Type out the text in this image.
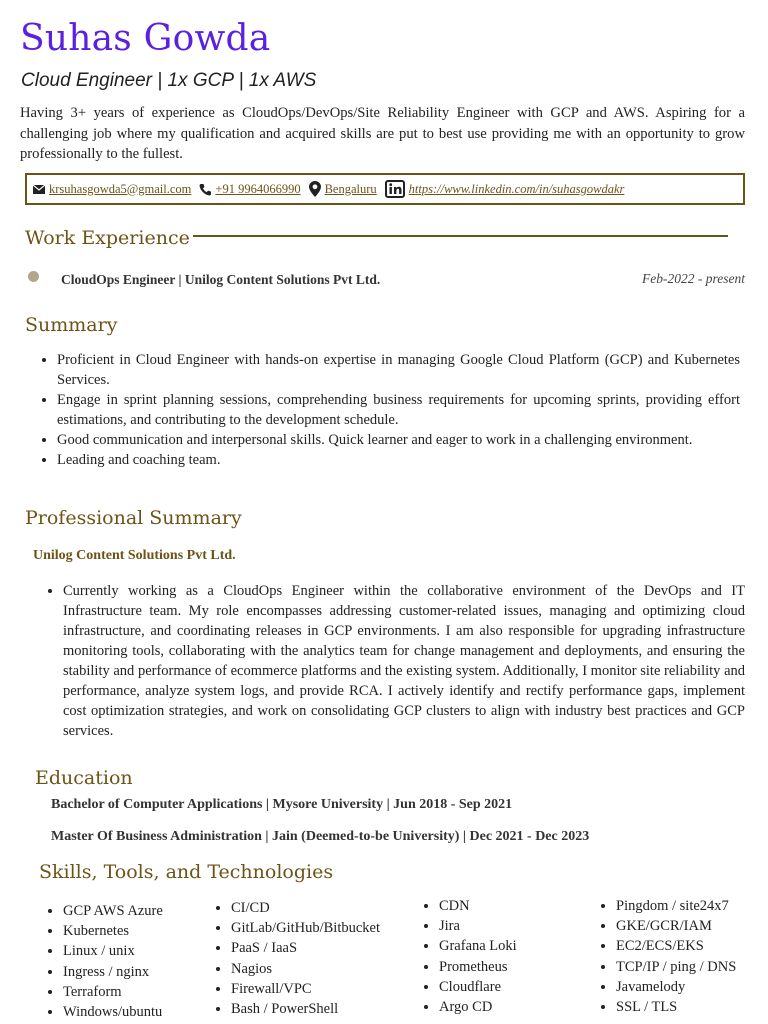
Suhas Gowda
Cloud Engineer | 1x GCP | 1x AWS
Having 3+ years of experience as CloudOps/DevOps/Site Reliability Engineer with GCP and AWS. Aspiring for a challenging job where my qualification and acquired skills are put to best use providing me with an opportunity to grow professionally to the fullest.
krsuhasgowda5@gmail.com +91 9964066990 Bengaluru	https://www.linkedin.com/in/suhasgowdakr
Work Experience
CloudOps Engineer | Unilog Content Solutions Pvt Ltd.	Feb-2022 - present
Summary
• Proficient in Cloud Engineer with hands-on expertise in managing Google Cloud Platform (GCP) and Kubernetes Services.
• Engage in sprint planning sessions, comprehending business requirements for upcoming sprints, providing effort estimations, and contributing to the development schedule.
• Good communication and interpersonal skills. Quick learner and eager to work in a challenging environment.
• Leading and coaching team.
Professional Summary
Unilog Content Solutions Pvt Ltd.
• Currently working as a CloudOps Engineer within the collaborative environment of the DevOps and IT Infrastructure team. My role encompasses addressing customer-related issues, managing and optimizing cloud infrastructure, and coordinating releases in GCP environments. I am also responsible for upgrading infrastructure monitoring tools, collaborating with the analytics team for change management and deployments, and ensuring the stability and performance of ecommerce platforms and the existing system. Additionally, I monitor site reliability and performance, analyze system logs, and provide RCA. I actively identify and rectify performance gaps, implement cost optimization strategies, and work on consolidating GCP clusters to align with industry best practices and GCP services.
Education
Bachelor of Computer Applications | Mysore University | Jun 2018 - Sep 2021
Master Of Business Administration | Jain (Deemed-to-be University) | Dec 2021 - Dec 2023
Skills, Tools, and Technologies
• GCP AWS Azure
• Kubernetes
• Linux / unix
• Ingress / nginx
• Terraform
• Windows/ubuntu
• CI/CD
• GitLab/GitHub/Bitbucket
• PaaS / IaaS
• Nagios
• Firewall/VPC
• Bash / PowerShell
• CDN
• Jira
• Grafana Loki
• Prometheus
• Cloudflare
• Argo CD
• Pingdom / site24x7
• GKE/GCR/IAM
• EC2/ECS/EKS
• TCP/IP / ping / DNS
• Javamelody
• SSL / TLS
